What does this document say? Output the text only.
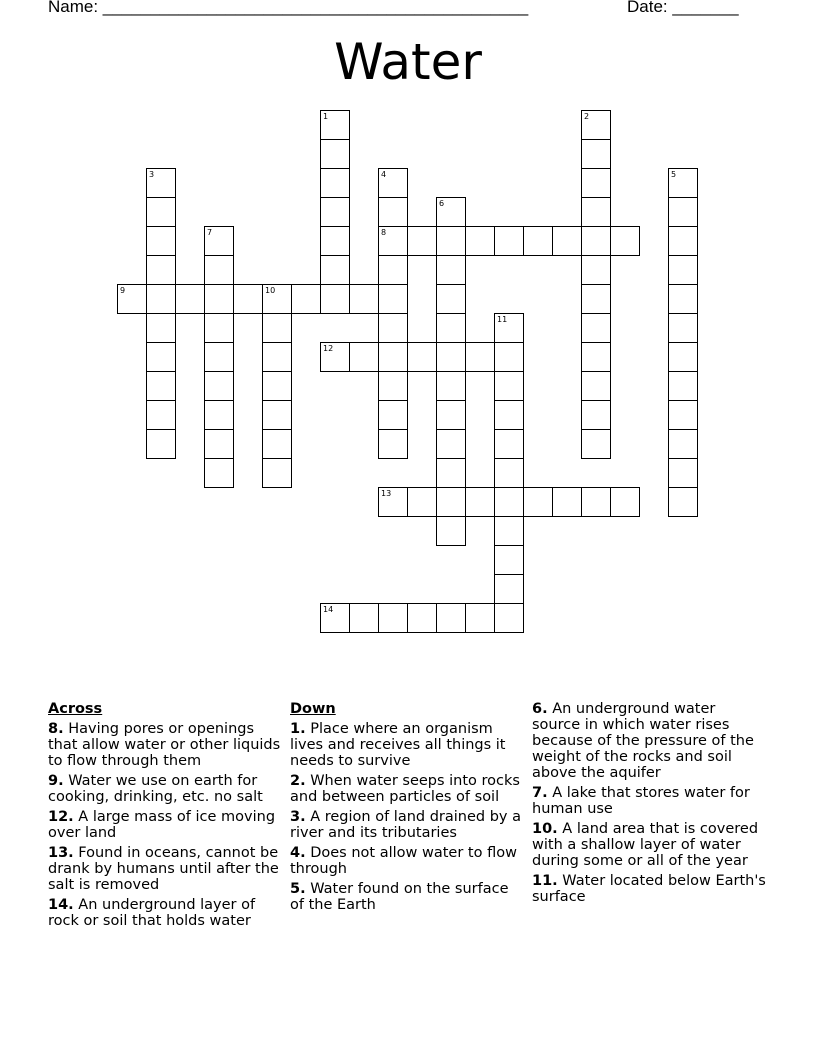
Name: _____________________________________________	Date: _______
Water
1	2
3	4
8
5
6
7
9	10
11
12
13
14
Across
8. Having pores or openings that allow water or other liquids to flow through them
9. Water we use on earth for cooking, drinking, etc. no salt
12. A large mass of ice moving over land
13. Found in oceans, cannot be drank by humans until after the salt is removed
14. An underground layer of rock or soil that holds water
Down
1. Place where an organism lives and receives all things it needs to survive
2. When water seeps into rocks and between particles of soil
3. A region of land drained by a river and its tributaries
4. Does not allow water to flow through
5. Water found on the surface of the Earth
6. An underground water source in which water rises because of the pressure of the weight of the rocks and soil above the aquifer
7. A lake that stores water for human use
10. A land area that is covered with a shallow layer of water during some or all of the year
11. Water located below Earth's surface
